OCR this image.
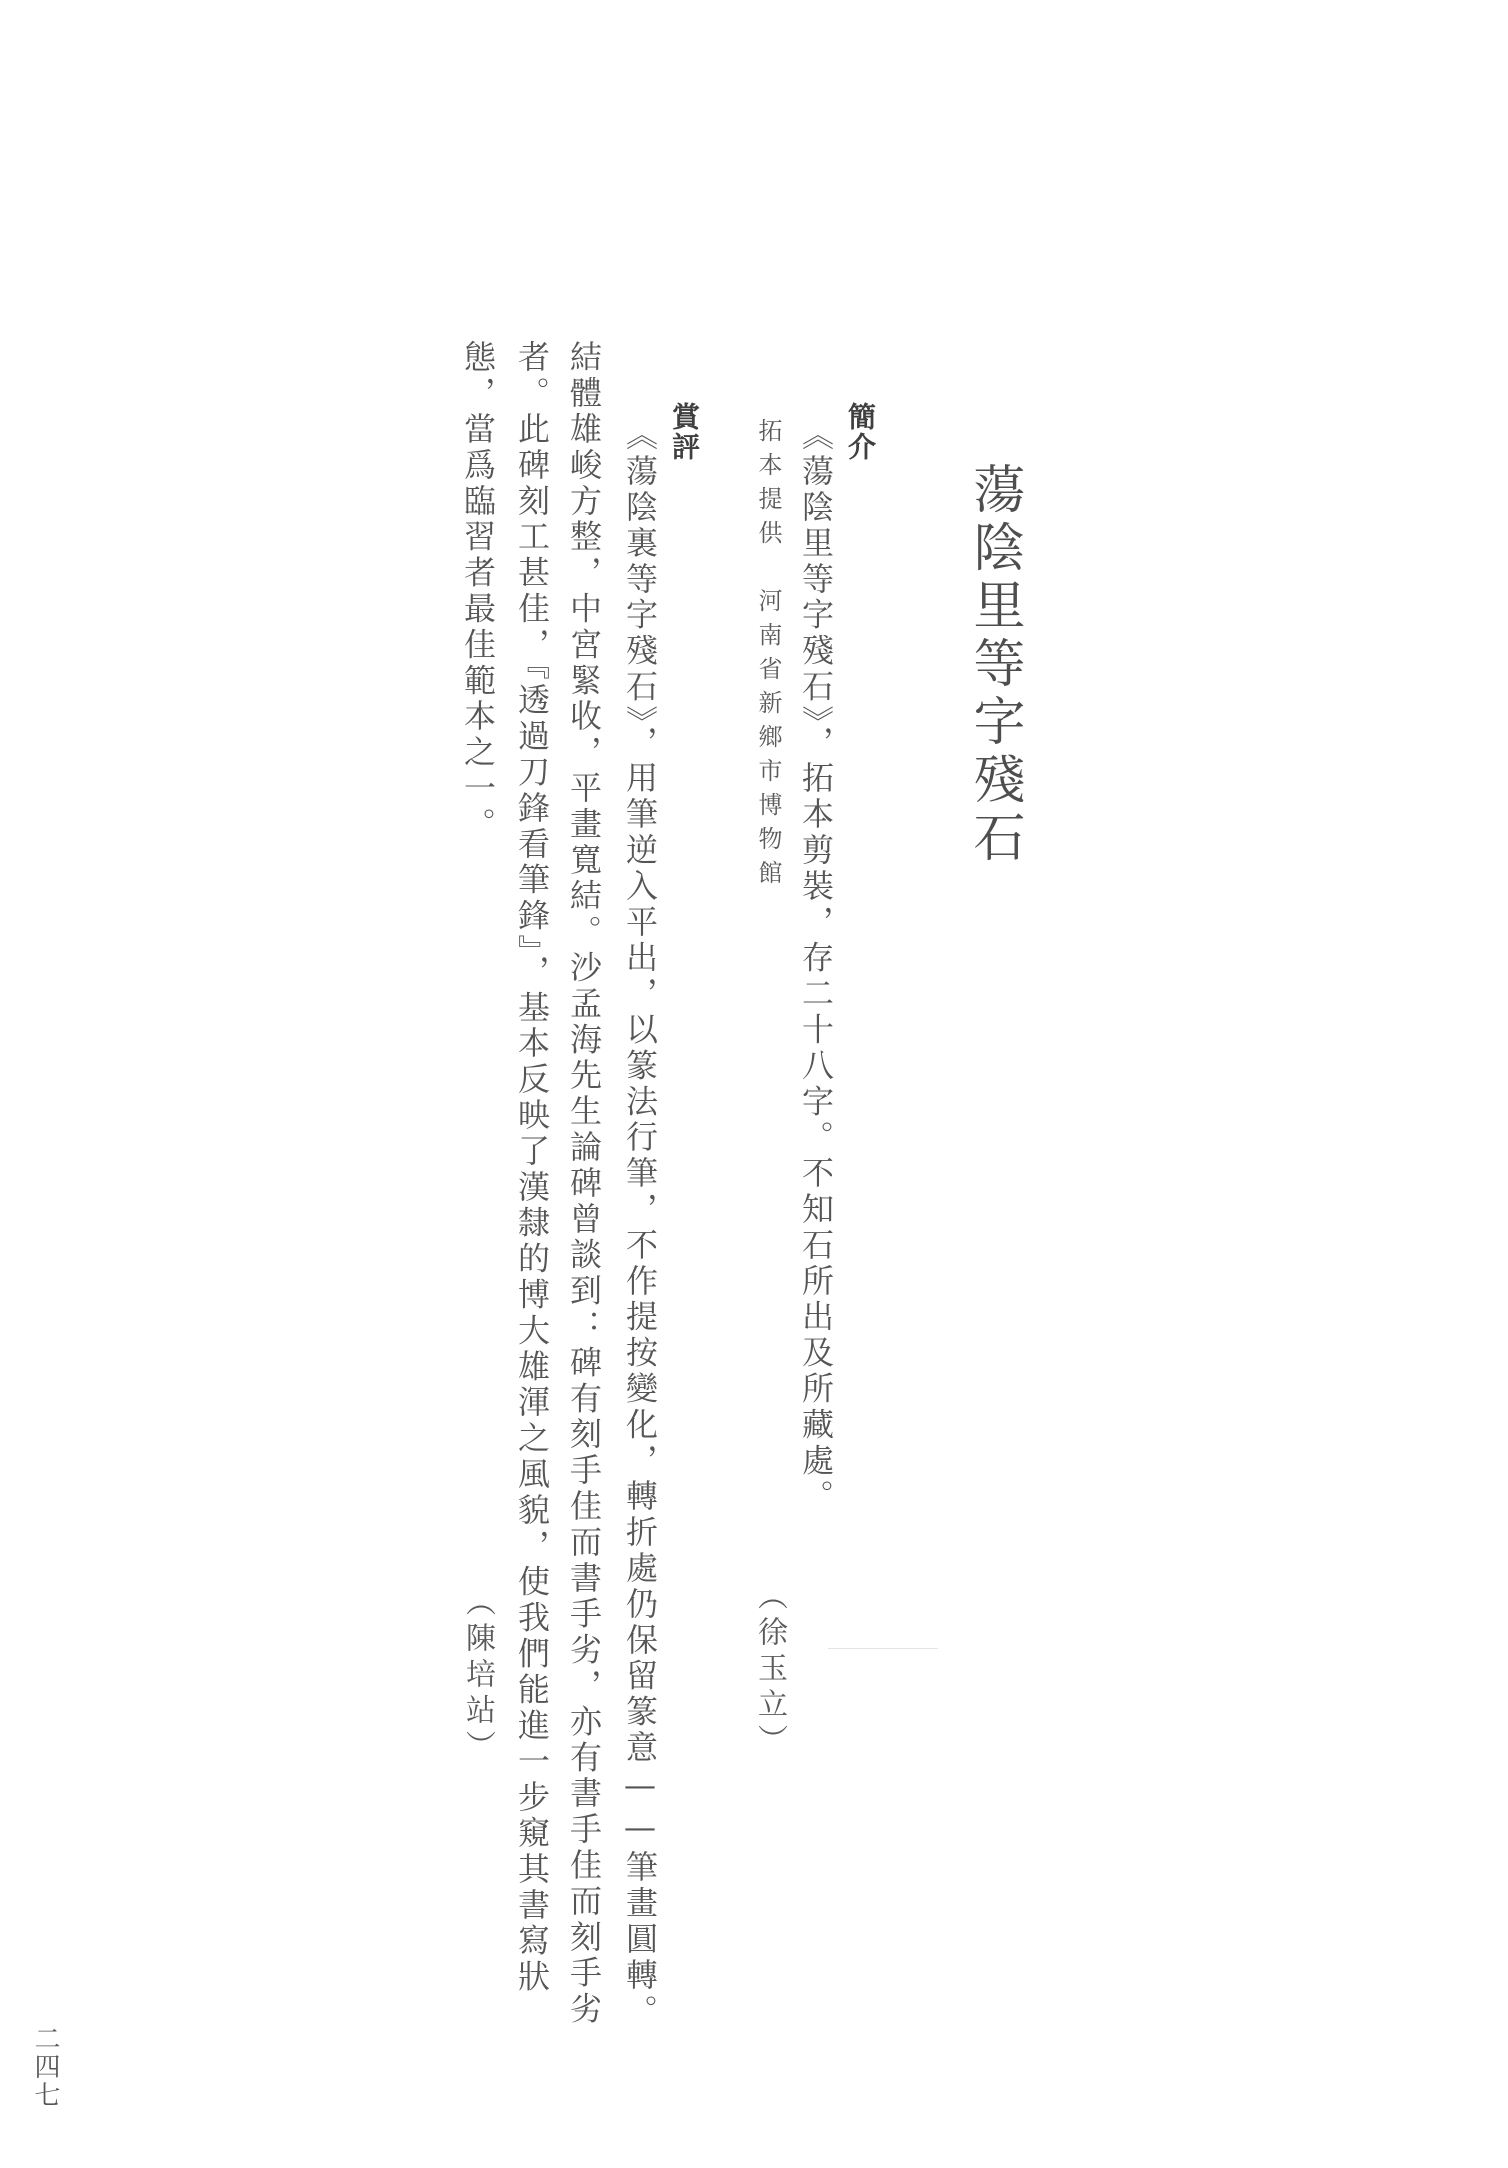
蕩陰里等字殘石
簡介
《蕩陰里等字殘石》，拓本剪裝，存二十八字。不知石所出及所藏處。
拓本提供　河南省新鄉市博物館
（徐玉立）
賞評
《蕩陰裏等字殘石》，用筆逆入平出，以篆法行筆，不作提按變化，轉折處仍保留篆意——筆畫圓轉。
結體雄峻方整，中宮緊收，平畫寬結。沙孟海先生論碑曾談到：碑有刻手佳而書手劣，亦有書手佳而刻手劣
者。此碑刻工甚佳，『透過刀鋒看筆鋒』，基本反映了漢隸的博大雄渾之風貌，使我們能進一步窺其書寫狀
態，當爲臨習者最佳範本之一。
（陳培站）
二四七
